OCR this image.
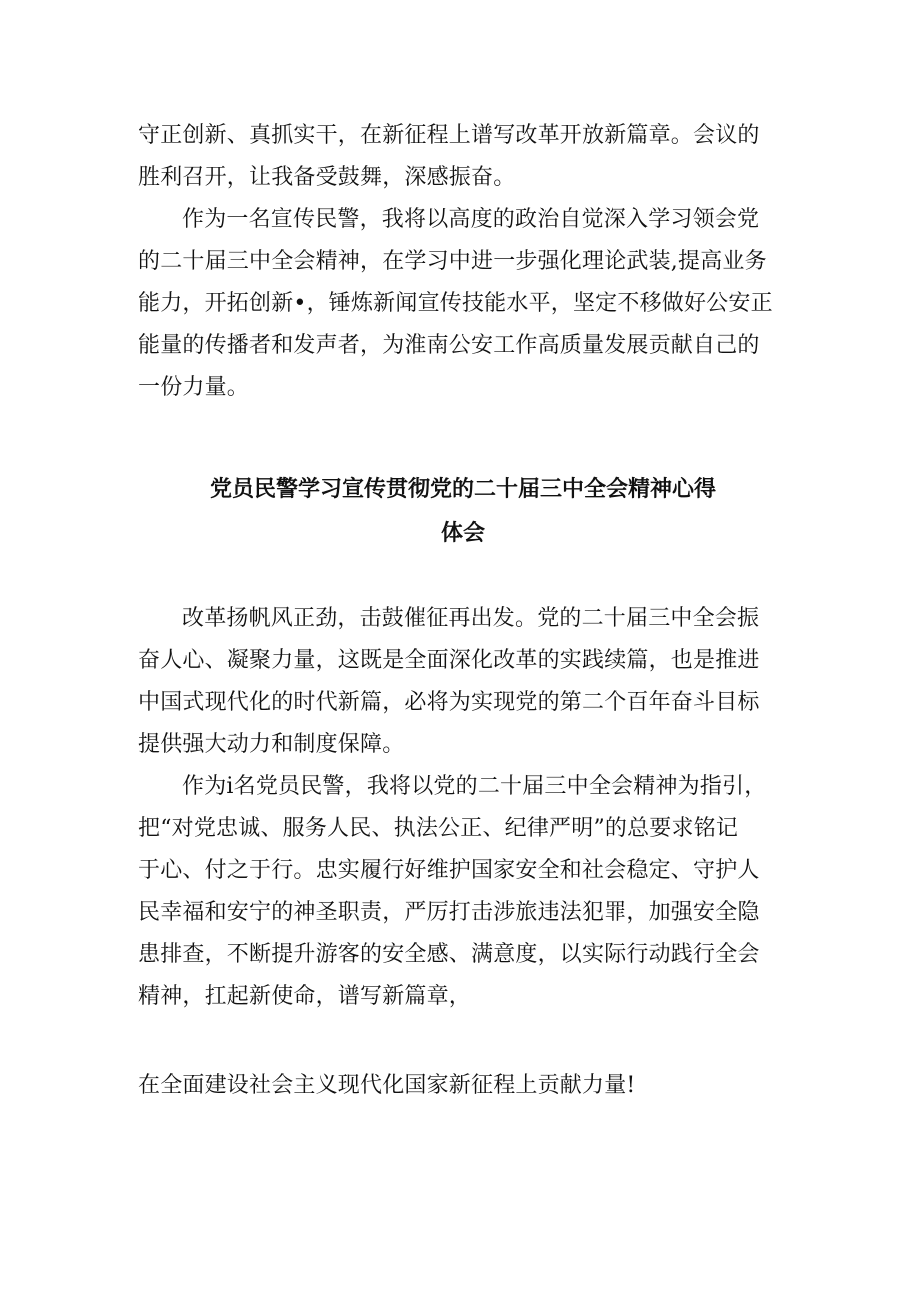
守正创新、真抓实干，在新征程上谱写改革开放新篇章。会议的
胜利召开，让我备受鼓舞，深感振奋。

作为一名宣传民警，我将以高度的政治自觉深入学习领会党
的二十届三中全会精神，在学习中进一步强化理论武装,提高业务
能力，开拓创新•，锤炼新闻宣传技能水平，坚定不移做好公安正
能量的传播者和发声者，为淮南公安工作高质量发展贡献自己的
一份力量。

党员民警学习宣传贯彻党的二十届三中全会精神心得
体会

改革扬帆风正劲，击鼓催征再出发。党的二十届三中全会振
奋人心、凝聚力量，这既是全面深化改革的实践续篇，也是推进
中国式现代化的时代新篇，必将为实现党的第二个百年奋斗目标
提供强大动力和制度保障。

作为i名党员民警，我将以党的二十届三中全会精神为指引，
把“对党忠诚、服务人民、执法公正、纪律严明”的总要求铭记
于心、付之于行。忠实履行好维护国家安全和社会稳定、守护人
民幸福和安宁的神圣职责，严厉打击涉旅违法犯罪，加强安全隐
患排查，不断提升游客的安全感、满意度，以实际行动践行全会
精神，扛起新使命，谱写新篇章，

在全面建设社会主义现代化国家新征程上贡献力量!
